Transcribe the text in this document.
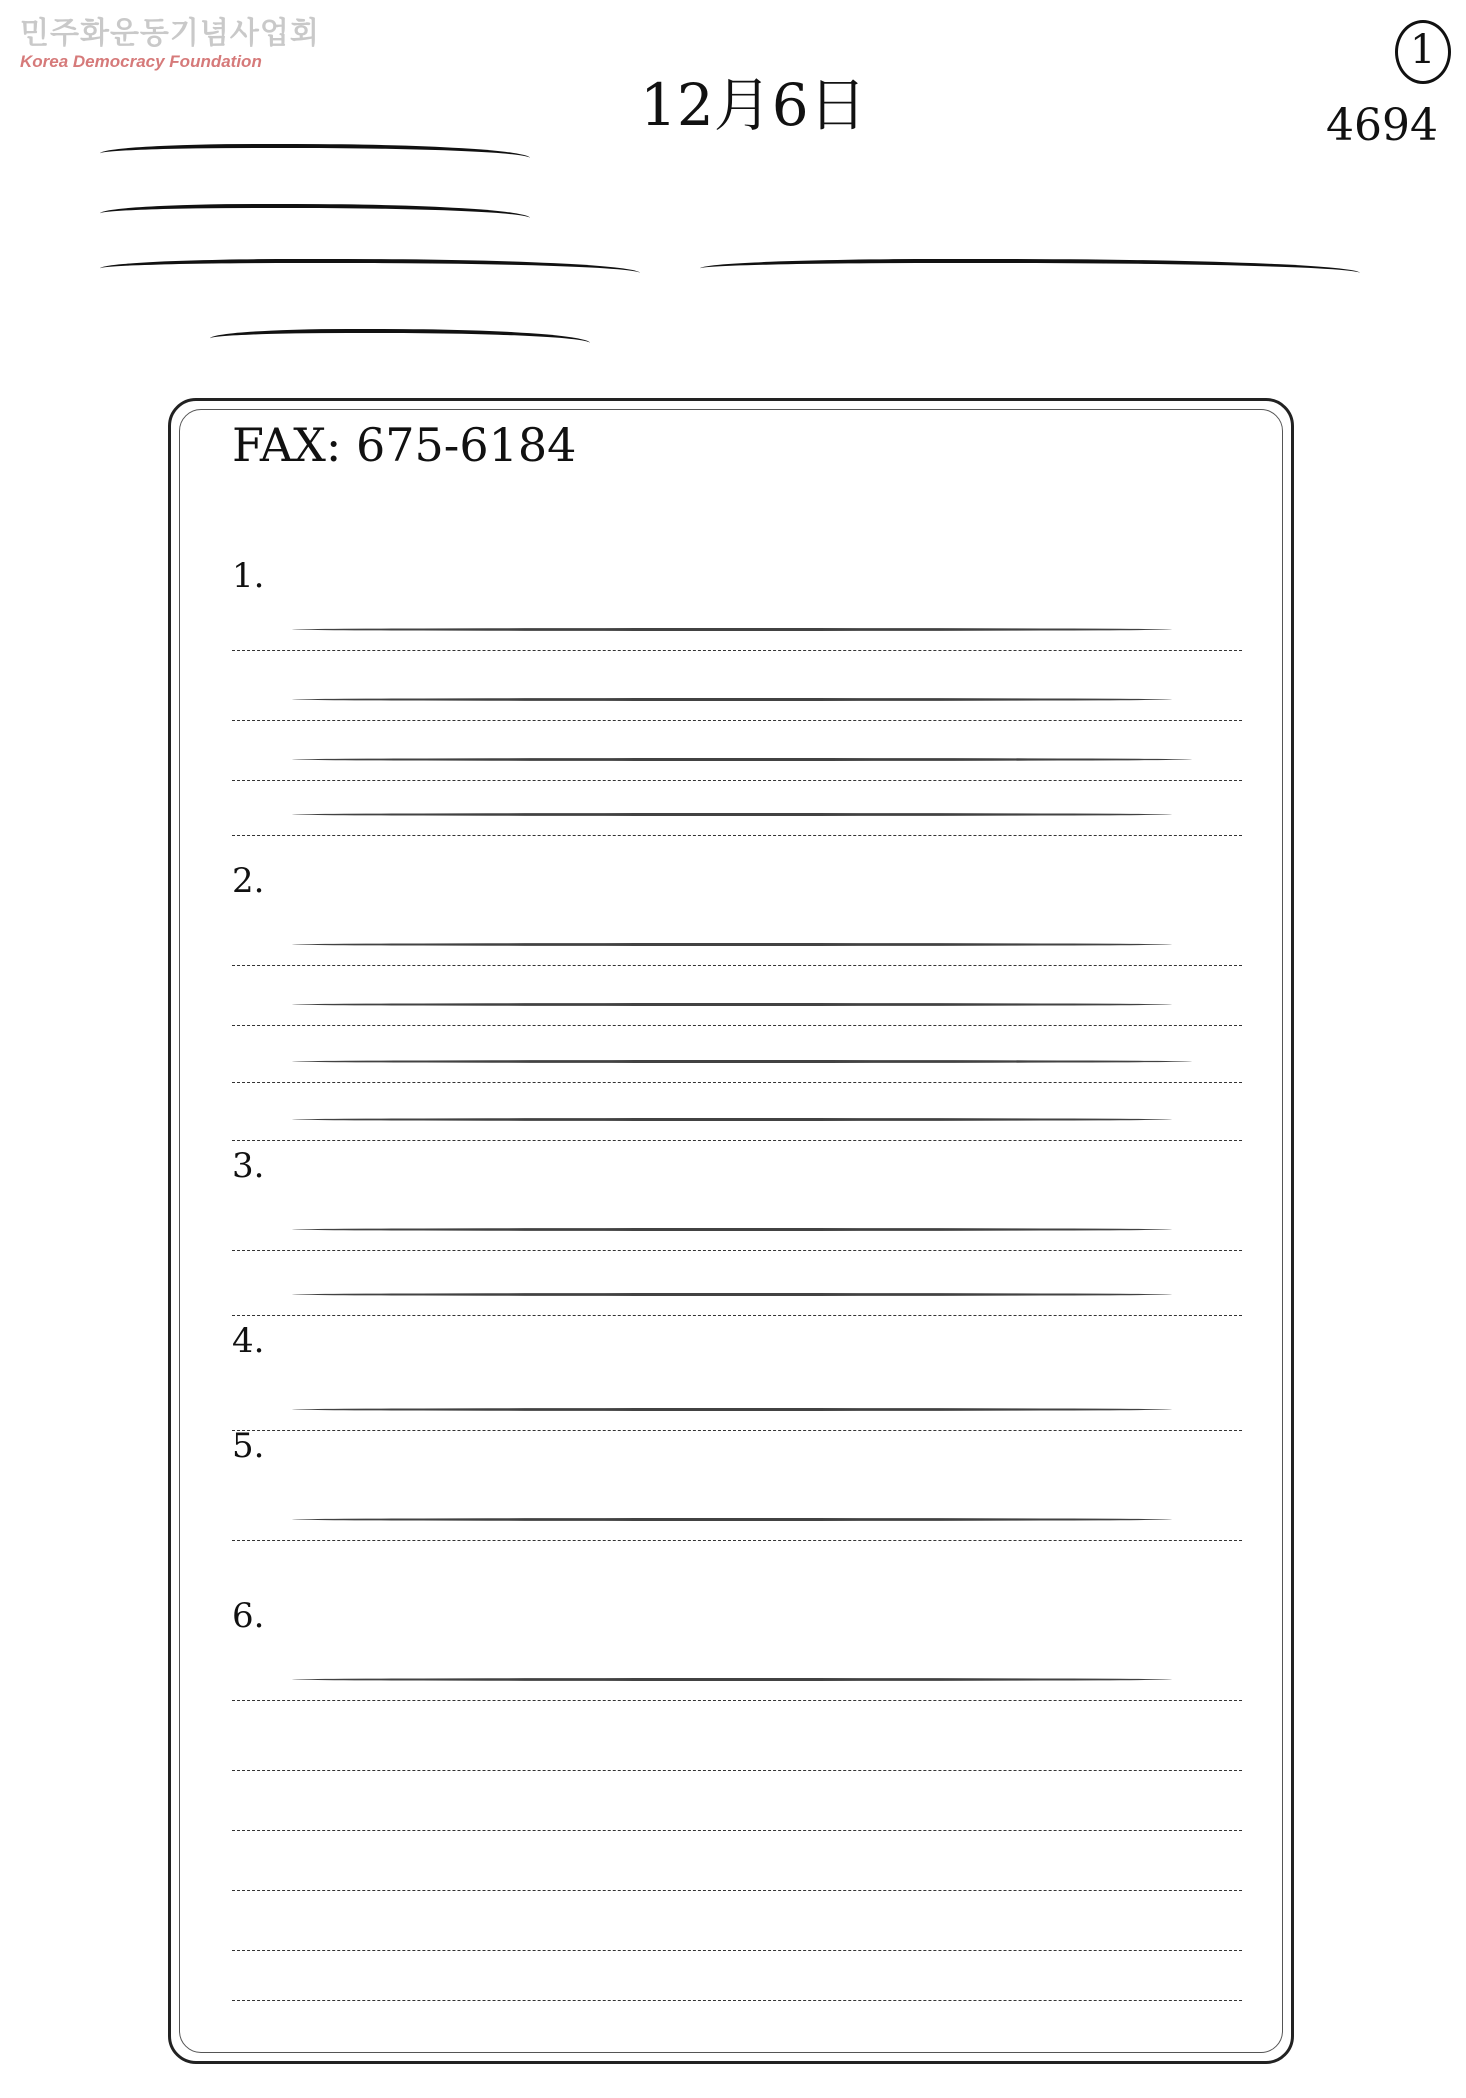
민주화운동기념사업회
Korea Democracy Foundation
12月6日
1
4694
FAX: 675-6184
1.
2.
3.
4.
5.
6.
